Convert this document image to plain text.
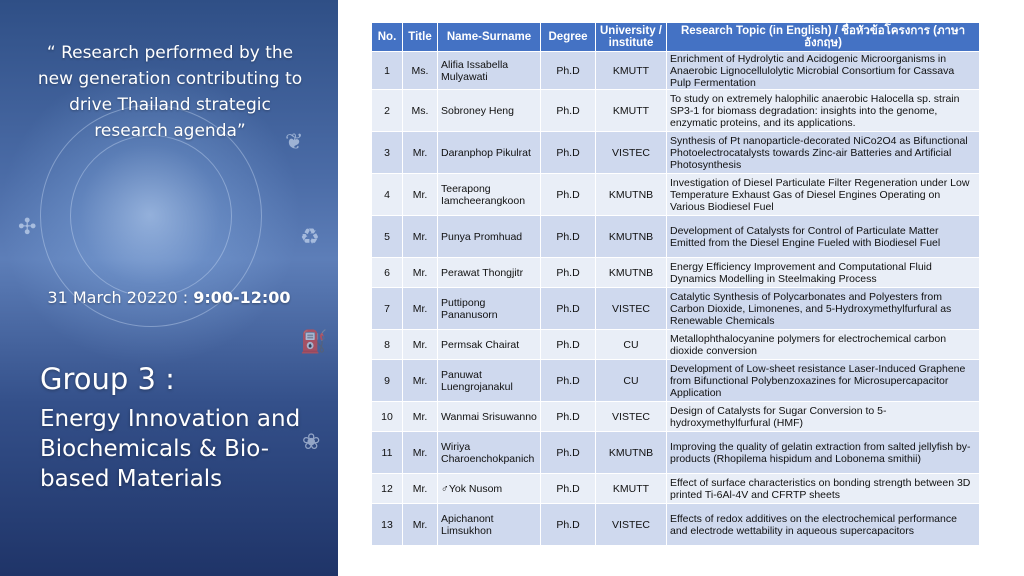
❦
♻
✣
⛽
❀
“ Research performed by the new generation contributing to drive Thailand strategic research agenda”
31 March 20220 : 9:00-12:00
Group 3 :
Energy Innovation and Biochemicals & Bio-based Materials
No.	Title	Name-Surname	Degree	University / institute	Research Topic (in English) / ชื่อหัวข้อโครงการ (ภาษาอังกฤษ)
1	Ms.	Alifia Issabella Mulyawati	Ph.D	KMUTT	Enrichment of Hydrolytic and Acidogenic Microorganisms in Anaerobic Lignocellulolytic Microbial Consortium for Cassava Pulp Fermentation
2	Ms.	Sobroney Heng	Ph.D	KMUTT	To study on extremely halophilic anaerobic Halocella sp. strain SP3-1 for biomass degradation: insights into the genome, enzymatic proteins, and its applications.
3	Mr.	Daranphop Pikulrat	Ph.D	VISTEC	Synthesis of Pt nanoparticle-decorated NiCo2O4 as Bifunctional Photoelectrocatalysts towards Zinc-air Batteries and Artificial Photosynthesis
4	Mr.	Teerapong Iamcheerangkoon	Ph.D	KMUTNB	Investigation of Diesel Particulate Filter Regeneration under Low Temperature Exhaust Gas of Diesel Engines Operating on Various Biodiesel Fuel
5	Mr.	Punya Promhuad	Ph.D	KMUTNB	Development of Catalysts for Control of Particulate Matter Emitted from the Diesel Engine Fueled with Biodiesel Fuel
6	Mr.	Perawat Thongjitr	Ph.D	KMUTNB	Energy Efficiency Improvement and Computational Fluid Dynamics Modelling in Steelmaking Process
7	Mr.	Puttipong Pananusorn	Ph.D	VISTEC	Catalytic Synthesis of Polycarbonates and Polyesters from Carbon Dioxide, Limonenes, and 5-Hydroxymethylfurfural as Renewable Chemicals
8	Mr.	Permsak Chairat	Ph.D	CU	Metallophthalocyanine polymers for electrochemical carbon dioxide conversion
9	Mr.	Panuwat Luengrojanakul	Ph.D	CU	Development of Low-sheet resistance Laser-Induced Graphene from Bifunctional Polybenzoxazines for Microsupercapacitor Application
10	Mr.	Wanmai Srisuwanno	Ph.D	VISTEC	Design of Catalysts for Sugar Conversion to 5-hydroxymethylfurfural (HMF)
11	Mr.	Wiriya Charoenchokpanich	Ph.D	KMUTNB	Improving the quality of gelatin extraction from salted jellyfish by-products (Rhopilema hispidum and Lobonema smithii)
12	Mr.	♂Yok Nusom	Ph.D	KMUTT	Effect of surface characteristics on bonding strength between 3D printed Ti-6Al-4V and CFRTP sheets
13	Mr.	Apichanont Limsukhon	Ph.D	VISTEC	Effects of redox additives on the electrochemical performance and electrode wettability in aqueous supercapacitors
